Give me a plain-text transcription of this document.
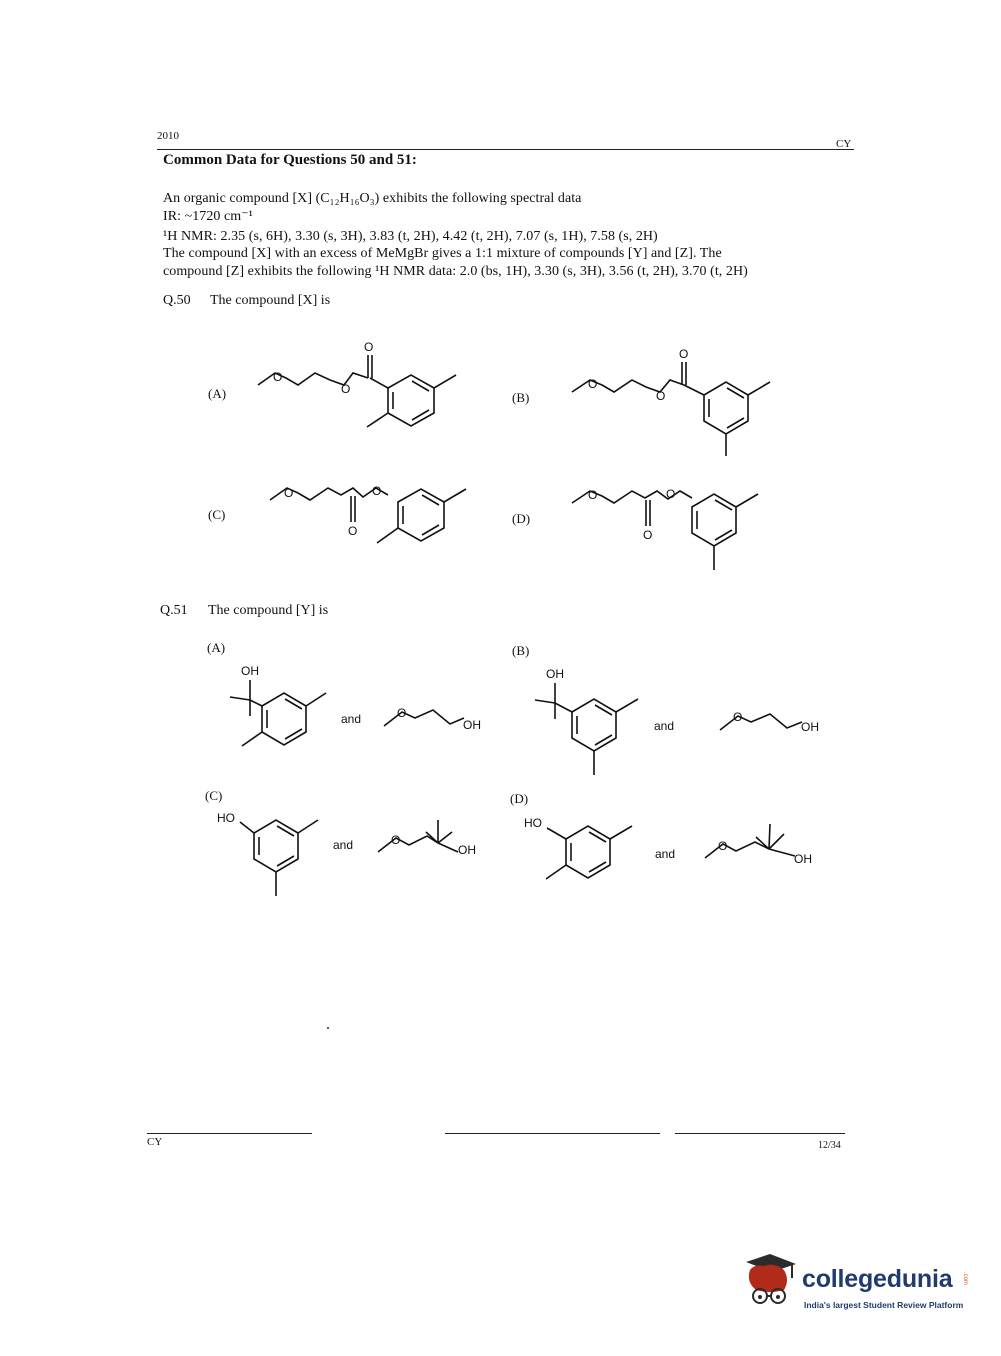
2010
CY
Common Data for Questions 50 and 51:
An organic compound [X] (C₁₂H₁₆O₃) exhibits the following spectral data
IR: ~1720 cm⁻¹
¹H NMR: 2.35 (s, 6H), 3.30 (s, 3H), 3.83 (t, 2H), 4.42 (t, 2H), 7.07 (s, 1H), 7.58 (s, 2H)
The compound [X] with an excess of MeMgBr gives a 1:1 mixture of compounds [Y] and [Z]. The
compound [Z] exhibits the following ¹H NMR data: 2.0 (bs, 1H), 3.30 (s, 3H), 3.56 (t, 2H), 3.70 (t, 2H)
Q.50 The compound [X] is
(A)	(B)
(C)	(D)
O
O
O
O
O
O
O
O
O
O
O
O
Q.51 The compound [Y] is
(A)	(B)
(C)	(D)
OH
and	O
OH
OH
and
O
OH
HO
and	O
OH
HO
and
O
OH
CY	12/34
collegedunia .com
India's largest Student Review Platform
